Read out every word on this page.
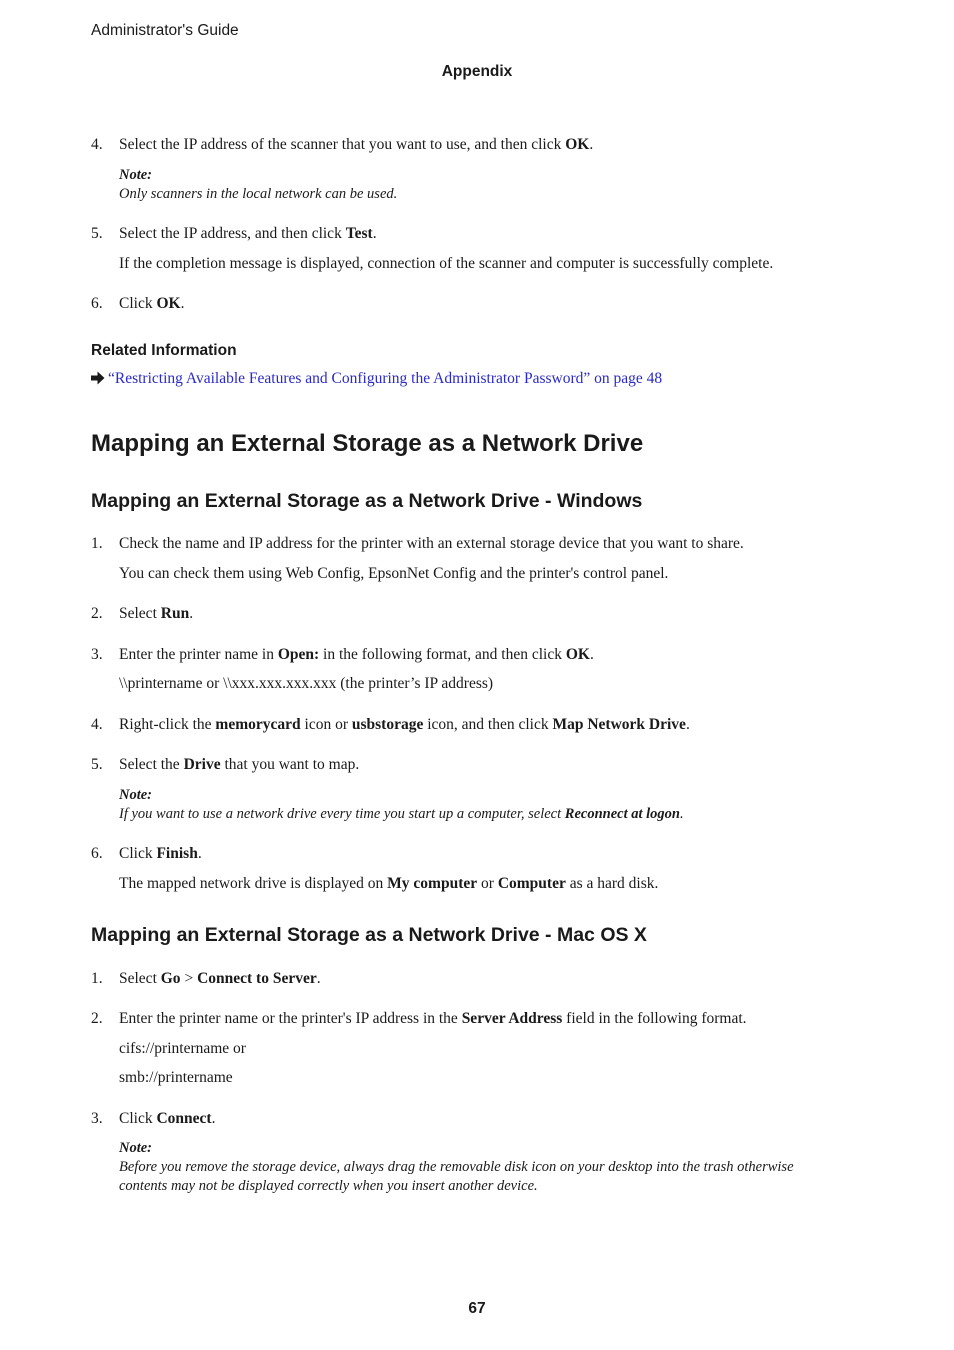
Administrator's Guide
Appendix
4. Select the IP address of the scanner that you want to use, and then click OK.
Note:
Only scanners in the local network can be used.
5. Select the IP address, and then click Test.
If the completion message is displayed, connection of the scanner and computer is successfully complete.
6. Click OK.
Related Information
“Restricting Available Features and Configuring the Administrator Password” on page 48
Mapping an External Storage as a Network Drive
Mapping an External Storage as a Network Drive - Windows
1. Check the name and IP address for the printer with an external storage device that you want to share.
You can check them using Web Config, EpsonNet Config and the printer's control panel.
2. Select Run.
3. Enter the printer name in Open: in the following format, and then click OK.
\\printername or \\xxx.xxx.xxx.xxx (the printer’s IP address)
4. Right-click the memorycard icon or usbstorage icon, and then click Map Network Drive.
5. Select the Drive that you want to map.
Note:
If you want to use a network drive every time you start up a computer, select Reconnect at logon.
6. Click Finish.
The mapped network drive is displayed on My computer or Computer as a hard disk.
Mapping an External Storage as a Network Drive - Mac OS X
1. Select Go > Connect to Server.
2. Enter the printer name or the printer's IP address in the Server Address field in the following format.
cifs://printername or
smb://printername
3. Click Connect.
Note:
Before you remove the storage device, always drag the removable disk icon on your desktop into the trash otherwise
contents may not be displayed correctly when you insert another device.
67
